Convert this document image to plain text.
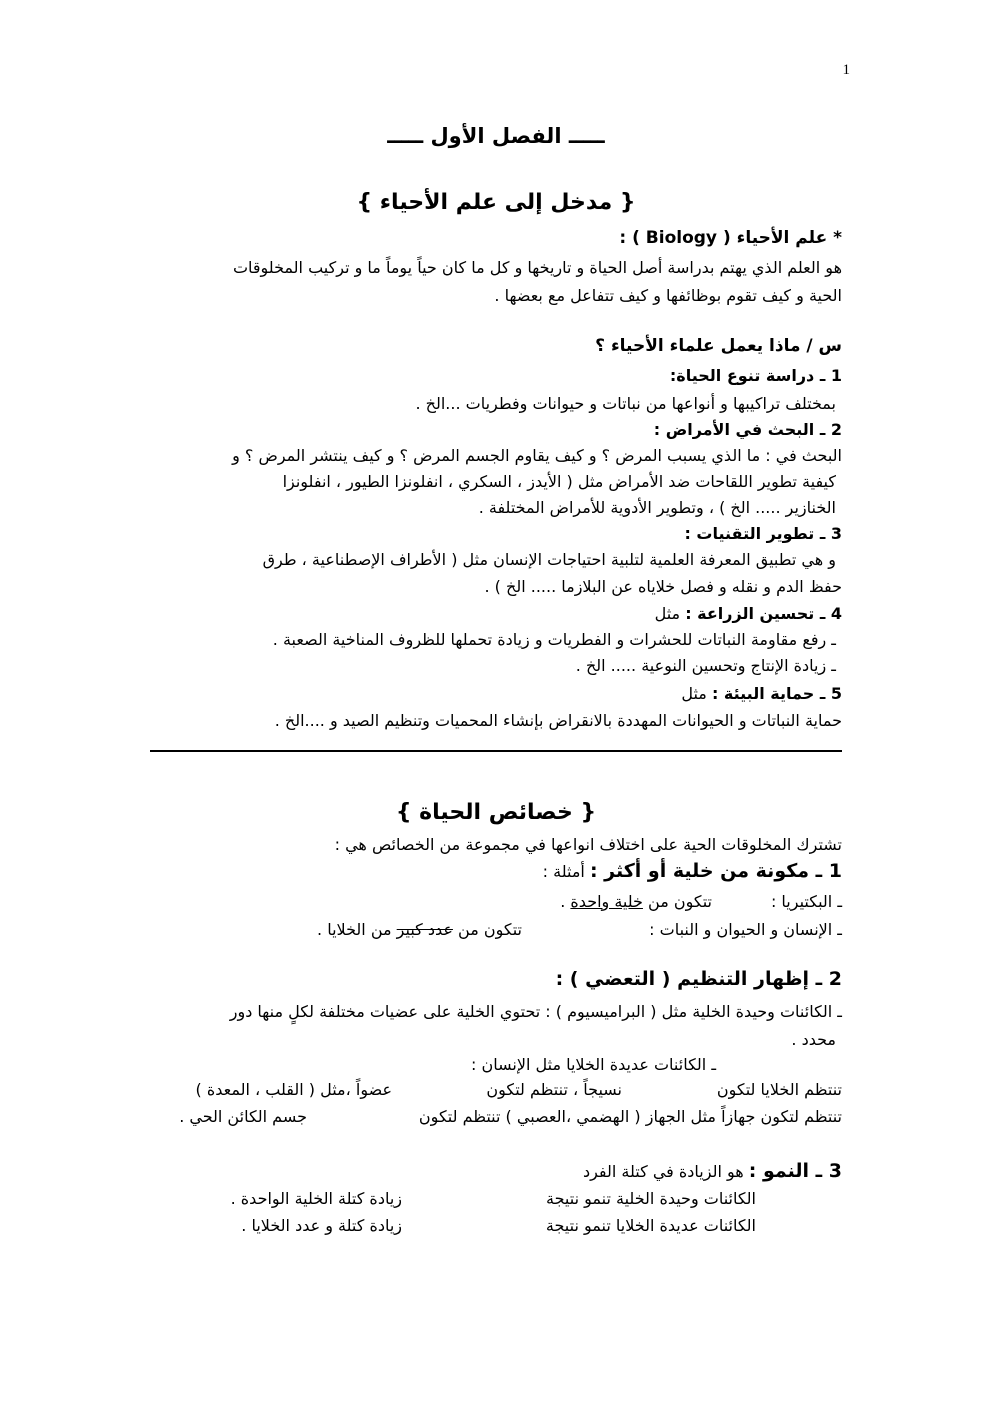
1
ـــــ الفصل الأول ـــــ
{ مدخل إلى علم الأحياء }
* علم الأحياء ( Biology ) :
هو العلم الذي يهتم بدراسة أصل الحياة و تاريخها و كل ما كان حياً يوماً ما و تركيب المخلوقات
الحية و كيف تقوم بوظائفها و كيف تتفاعل مع بعضها .
س / ماذا يعمل علماء الأحياء ؟
1 ـ دراسة تنوع الحياة:
بمختلف تراكيبها و أنواعها من نباتات و حيوانات وفطريات ...الخ .
2 ـ البحث في الأمراض :
البحث في : ما الذي يسبب المرض ؟ و كيف يقاوم الجسم المرض ؟ و كيف ينتشر المرض ؟ و
كيفية تطوير اللقاحات ضد الأمراض مثل ( الأيدز ، السكري ، انفلونزا الطيور ، انفلونزا
الخنازير ..... الخ ) ، وتطوير الأدوية للأمراض المختلفة .
3 ـ تطوير التقنيات :
و هي تطبيق المعرفة العلمية لتلبية احتياجات الإنسان مثل ( الأطراف الإصطناعية ، طرق
حفظ الدم و نقله و فصل خلاياه عن البلازما ..... الخ ) .
4 ـ تحسين الزراعة : مثل
ـ رفع مقاومة النباتات للحشرات و الفطريات و زيادة تحملها للظروف المناخية الصعبة .
ـ زيادة الإنتاج وتحسين النوعية ..... الخ .
5 ـ حماية البيئة : مثل
حماية النباتات و الحيوانات المهددة بالانقراض بإنشاء المحميات وتنظيم الصيد و ....الخ .
{ خصائص الحياة }
تشترك المخلوقات الحية على اختلاف انواعها في مجموعة من الخصائص هي :
1 ـ مكونة من خلية أو أكثر : أمثلة :
ـ البكتيريا :
تتكون من خلية واحدة .
ـ الإنسان و الحيوان و النبات :
تتكون من عدد كبير من الخلايا .
2 ـ إظهار التنظيم ( التعضي ) :
ـ الكائنات وحيدة الخلية مثل ( البراميسيوم ) : تحتوي الخلية على عضيات مختلفة لكلٍ منها دور
محدد .
ـ الكائنات عديدة الخلايا مثل الإنسان :
تنتظم الخلايا لتكون
نسيجاً ، تنتظم لتكون
عضواً ،مثل ( القلب ، المعدة )
تنتظم لتكون جهازاً مثل الجهاز ( الهضمي ،العصبي ) تنتظم لتكون
جسم الكائن الحي .
3 ـ النمو : هو الزيادة في كتلة الفرد
الكائنات وحيدة الخلية تنمو نتيجة
زيادة كتلة الخلية الواحدة .
الكائنات عديدة الخلايا تنمو نتيجة
زيادة كتلة و عدد الخلايا .
